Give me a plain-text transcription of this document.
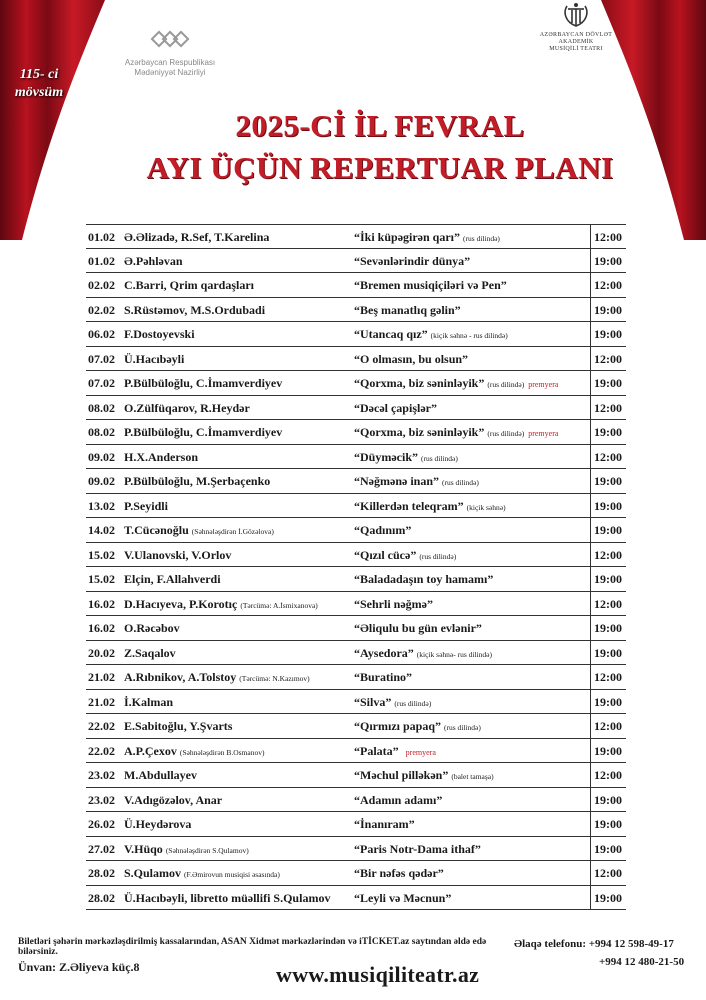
115- ci
mövsüm
Azərbaycan Respublikası
Mədəniyyət Nazirliyi
AZƏRBAYCAN DÖVLƏT
AKADEMİK
MUSİQİLİ TEATRI
2025-Cİ İL FEVRAL
AYI ÜÇÜN REPERTUAR PLANI
01.02 Ə.Əlizadə, R.Sef, T.Karelina	“İki küpəgirən qarı” (rus dilində)	12:00
01.02 Ə.Pəhləvan	“Sevənlərindir dünya”	19:00
02.02 C.Barri, Qrim qardaşları	“Bremen musiqiçiləri və Pen”	12:00
02.02 S.Rüstəmov, M.S.Ordubadi	“Beş manatlıq gəlin”	19:00
06.02 F.Dostoyevski	“Utancaq qız” (kiçik səhnə - rus dilində)	19:00
07.02 Ü.Hacıbəyli	“O olmasın, bu olsun”	12:00
07.02 P.Bülbüloğlu, C.İmamverdiyev	“Qorxma, biz səninləyik” (rus dilində) premyera	19:00
08.02 O.Zülfüqarov, R.Heydər	“Dəcəl çapişlər”	12:00
08.02 P.Bülbüloğlu, C.İmamverdiyev	“Qorxma, biz səninləyik” (rus dilində) premyera	19:00
09.02 H.X.Anderson	“Düyməcik” (rus dilində)	12:00
09.02 P.Bülbüloğlu, M.Şerbaçenko	“Nəğmənə inan” (rus dilində)	19:00
13.02 P.Seyidli	“Killerdən teleqram” (kiçik səhnə)	19:00
14.02 T.Cücənoğlu (Səhnələşdirən İ.Gözəlova)	“Qadınım”	19:00
15.02 V.Ulanovski, V.Orlov	“Qızıl cücə” (rus dilində)	12:00
15.02 Elçin, F.Allahverdi	“Baladadaşın toy hamamı”	19:00
16.02 D.Hacıyeva, P.Korotıç (Tərcümə: A.İsmixanova)	“Sehrli nəğmə”	12:00
16.02 O.Rəcəbov	“Əliqulu bu gün evlənir”	19:00
20.02 Z.Saqalov	“Aysedora” (kiçik səhnə- rus dilində)	19:00
21.02 A.Rıbnikov, A.Tolstoy (Tərcümə: N.Kazımov)	“Buratino”	12:00
21.02 İ.Kalman	“Silva” (rus dilində)	19:00
22.02 E.Sabitoğlu, Y.Şvarts	“Qırmızı papaq” (rus dilində)	12:00
22.02 A.P.Çexov (Səhnələşdirən B.Osmanov)	“Palata” premyera	19:00
23.02 M.Abdullayev	“Məchul pilləkən” (balet tamaşa)	12:00
23.02 V.Adıgözəlov, Anar	“Adamın adamı”	19:00
26.02 Ü.Heydərova	“İnanıram”	19:00
27.02 V.Hüqo (Səhnələşdirən S.Qulamov)	“Paris Notr-Dama ithaf”	19:00
28.02 S.Qulamov (F.Əmirovun musiqisi əsasında)	“Bir nəfəs qədər”	12:00
28.02 Ü.Hacıbəyli, libretto müəllifi S.Qulamov	“Leyli və Məcnun”	19:00
Biletləri şəhərin mərkəzləşdirilmiş kassalarından, ASAN Xidmət mərkəzlərindən və iTİCKET.az saytından əldə edə bilərsiniz.
Əlaqə telefonu: +994 12 598-49-17
+994 12 480-21-50
Ünvan: Z.Əliyeva küç.8	www.musiqiliteatr.az
